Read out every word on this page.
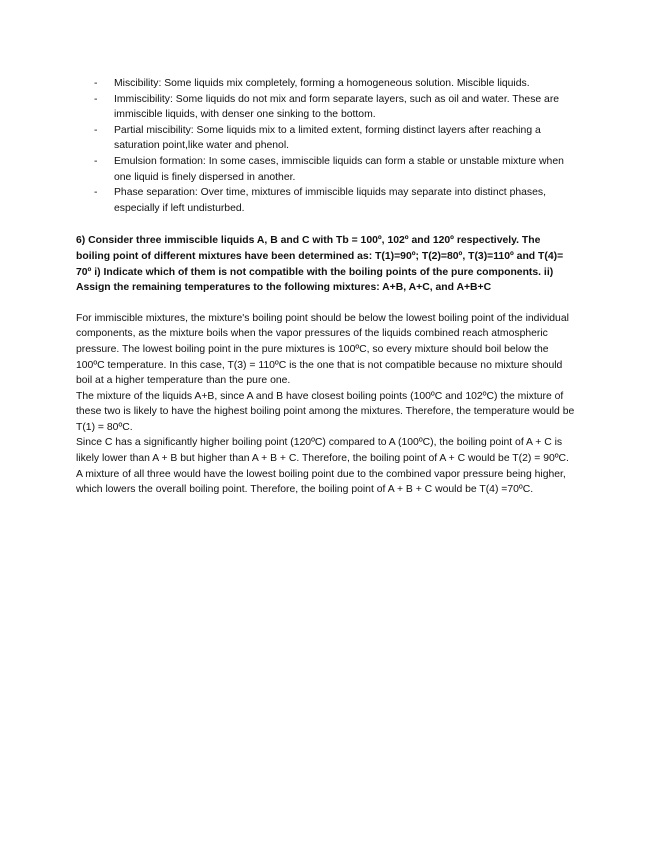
- Miscibility: Some liquids mix completely, forming a homogeneous solution. Miscible liquids.
- Immiscibility: Some liquids do not mix and form separate layers, such as oil and water. These are immiscible liquids, with denser one sinking to the bottom.
- Partial miscibility: Some liquids mix to a limited extent, forming distinct layers after reaching a saturation point,like water and phenol.
- Emulsion formation: In some cases, immiscible liquids can form a stable or unstable mixture when one liquid is finely dispersed in another.
- Phase separation: Over time, mixtures of immiscible liquids may separate into distinct phases, especially if left undisturbed.
6) Consider three immiscible liquids A, B and C with Tb = 100º, 102º and 120º respectively. The boiling point of different mixtures have been determined as: T(1)=90º; T(2)=80º, T(3)=110º and T(4)= 70º i) Indicate which of them is not compatible with the boiling points of the pure components. ii) Assign the remaining temperatures to the following mixtures: A+B, A+C, and A+B+C

For immiscible mixtures, the mixture's boiling point should be below the lowest boiling point of the individual components, as the mixture boils when the vapor pressures of the liquids combined reach atmospheric pressure. The lowest boiling point in the pure mixtures is 100ºC, so every mixture should boil below the 100ºC temperature. In this case, T(3) = 110ºC is the one that is not compatible because no mixture should boil at a higher temperature than the pure one.

The mixture of the liquids A+B, since A and B have closest boiling points (100ºC and 102ºC) the mixture of these two is likely to have the highest boiling point among the mixtures. Therefore, the temperature would be T(1) = 80ºC.

Since C has a significantly higher boiling point (120ºC) compared to A (100ºC), the boiling point of A + C is likely lower than A + B but higher than A + B + C. Therefore, the boiling point of A + C would be T(2) = 90ºC.

A mixture of all three would have the lowest boiling point due to the combined vapor pressure being higher, which lowers the overall boiling point. Therefore, the boiling point of A + B + C would be T(4) =70ºC.
